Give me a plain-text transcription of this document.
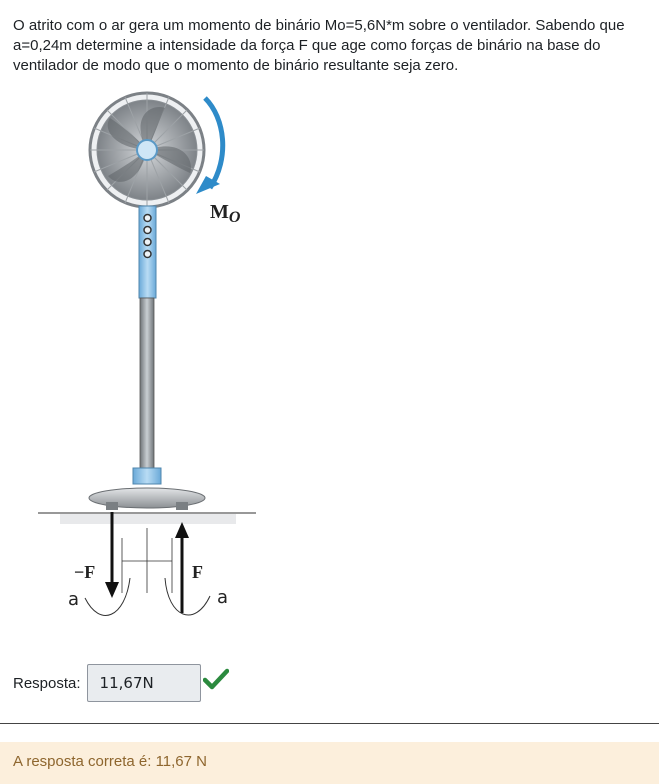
O atrito com o ar gera um momento de binário Mo=5,6N*m sobre o ventilador. Sabendo que a=0,24m determine a intensidade da força F que age como forças de binário na base do ventilador de modo que o momento de binário resultante seja zero.

$M_O$
−F	F
a	a
Resposta:
11,67N
A resposta correta é: 11,67 N
